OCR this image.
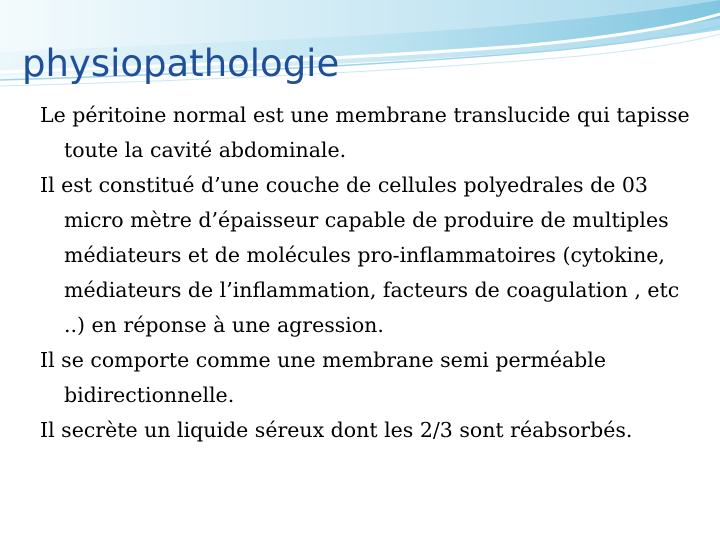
physiopathologie

Le péritoine normal est une membrane translucide qui tapisse toute la cavité abdominale.

Il est constitué d’une couche de cellules polyedrales de 03 micro mètre d’épaisseur capable de produire de multiples médiateurs et de molécules pro-inflammatoires (cytokine, médiateurs de l’inflammation, facteurs de coagulation , etc ..) en réponse à une agression.

Il se comporte comme une membrane semi perméable bidirectionnelle.

Il secrète un liquide séreux dont les 2/3 sont réabsorbés.
